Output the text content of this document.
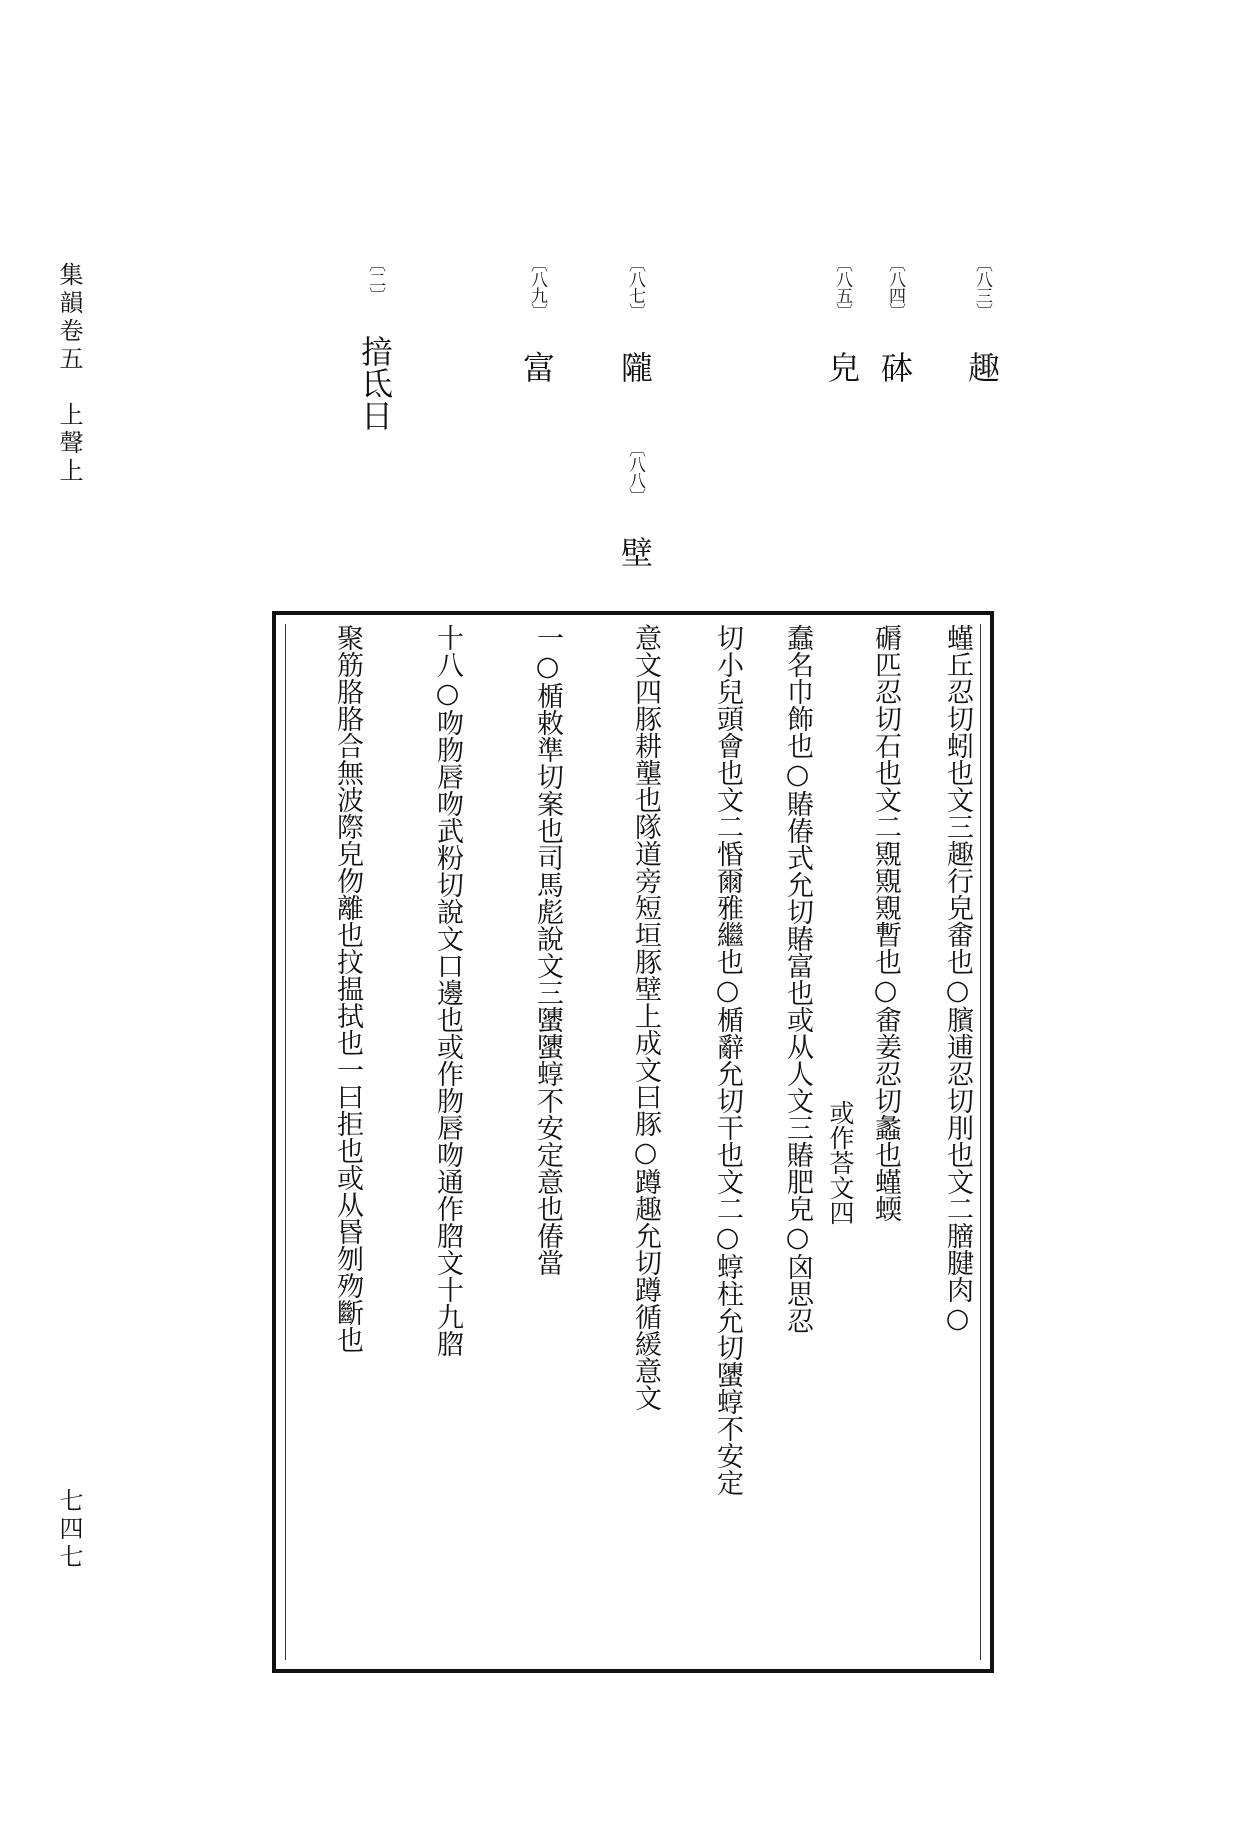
集韻卷五　上聲上
七四七
〔八三〕 趣
〔八四〕 砵
〔八五〕 皃
〔八七〕 隴
〔八八〕 壁
〔八九〕 富
〔二〕 揞氐日
螼丘忍切蚓也文三趣行皃畬也○臏逋忍切刖也文二膪腱肉○
磭匹忍切石也文二覭覭覭暫也○畬姜忍切蠡也螼蝡
或作荅文四
蠢名巾飾也○賰偆式允切賰富也或从人文三賰肥皃○囟思忍
切小兒頭會也文二惛爾雅繼也○楯辭允切干也文二○蜳柱允切螴蜳不安定
意文四豚耕壟也隊道旁短垣豚壁上成文曰豚○蹲趣允切蹲循緩意文
一○楯敕準切案也司馬彪說文三螴螴蜳不安定意也偆當
十八○吻肳唇吻武粉切說文口邊也或作肳唇吻通作脗文十九脗
聚筋胳胳合無波際皃伆離也抆揾拭也一曰拒也或从昬刎歾斷也
